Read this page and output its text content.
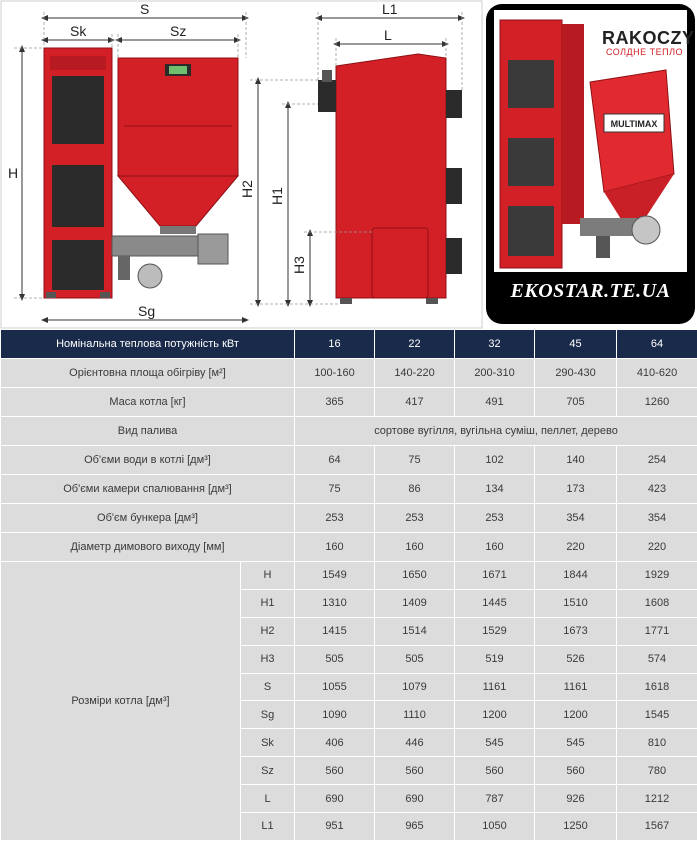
S
Sk	Sz
Sg
H
L1
L
H2 H1
H3
MULTIMAX
RAKOCZY
СОЛДНЕ ТЕПЛО
EKOSTAR.TE.UA
Номінальна теплова потужність кВт		16	22	32	45	64
Орієнтовна площа обігріву [м²]		100-160	140-220	200-310	290-430	410-620
Маса котла [кг]		365	417	491	705	1260
Вид палива		сортове вугілля, вугільна суміш, пеллет, дерево				
Об'єми води в котлі [дм³]		64	75	102	140	254
Об'єми камери спалювання [дм³]		75	86	134	173	423
Об'єм бункера [дм³]		253	253	253	354	354
Діаметр димового виходу [мм]		160	160	160	220	220
Розміри котла [дм³]	H	1549	1650	1671	1844	1929
	H1	1310	1409	1445	1510	1608
	H2	1415	1514	1529	1673	1771
	H3	505	505	519	526	574
	S	1055	1079	1161	1161	1618
	Sg	1090	1110	1200	1200	1545
	Sk	406	446	545	545	810
	Sz	560	560	560	560	780
	L	690	690	787	926	1212
	L1	951	965	1050	1250	1567
